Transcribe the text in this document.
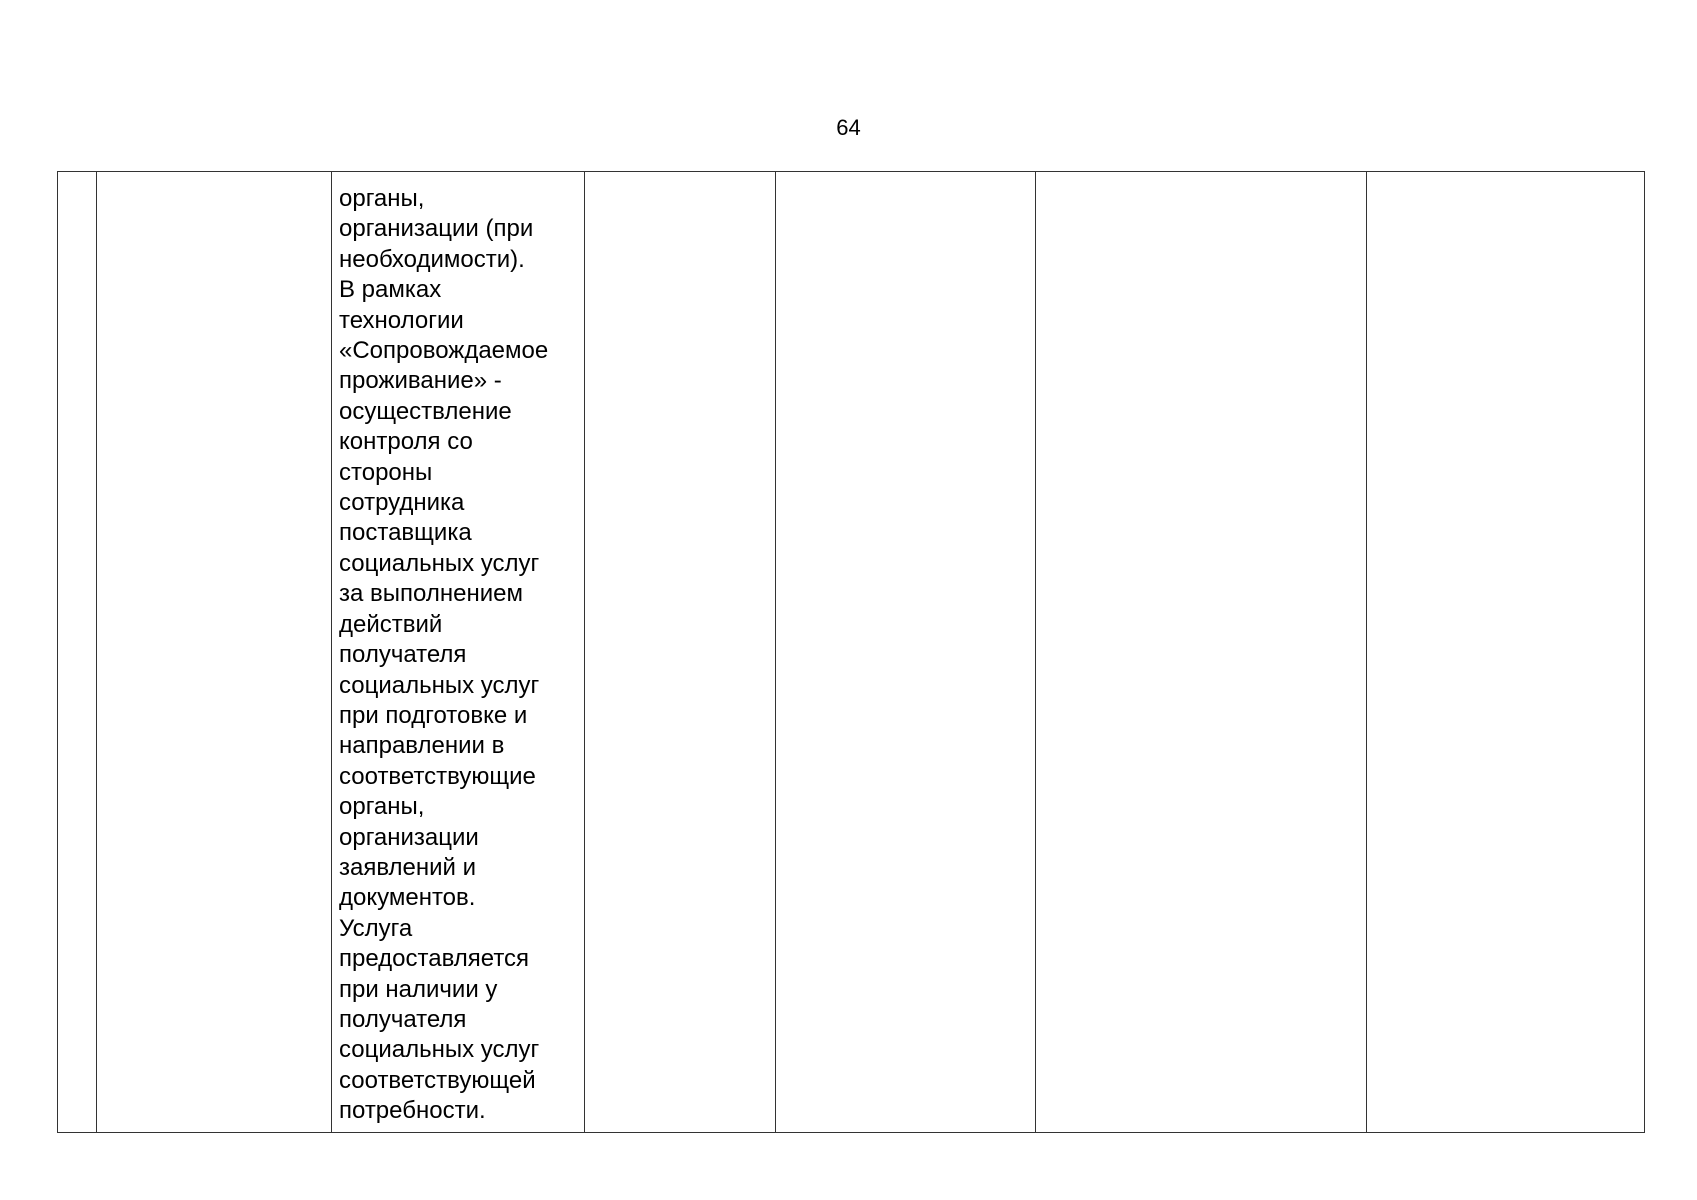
64

органы,
организации (при
необходимости).
В рамках
технологии
«Сопровождаемое
проживание» -
осуществление
контроля со
стороны
сотрудника
поставщика
социальных услуг
за выполнением
действий
получателя
социальных услуг
при подготовке и
направлении в
соответствующие
органы,
организации
заявлений и
документов.
Услуга
предоставляется
при наличии у
получателя
социальных услуг
соответствующей
потребности.
